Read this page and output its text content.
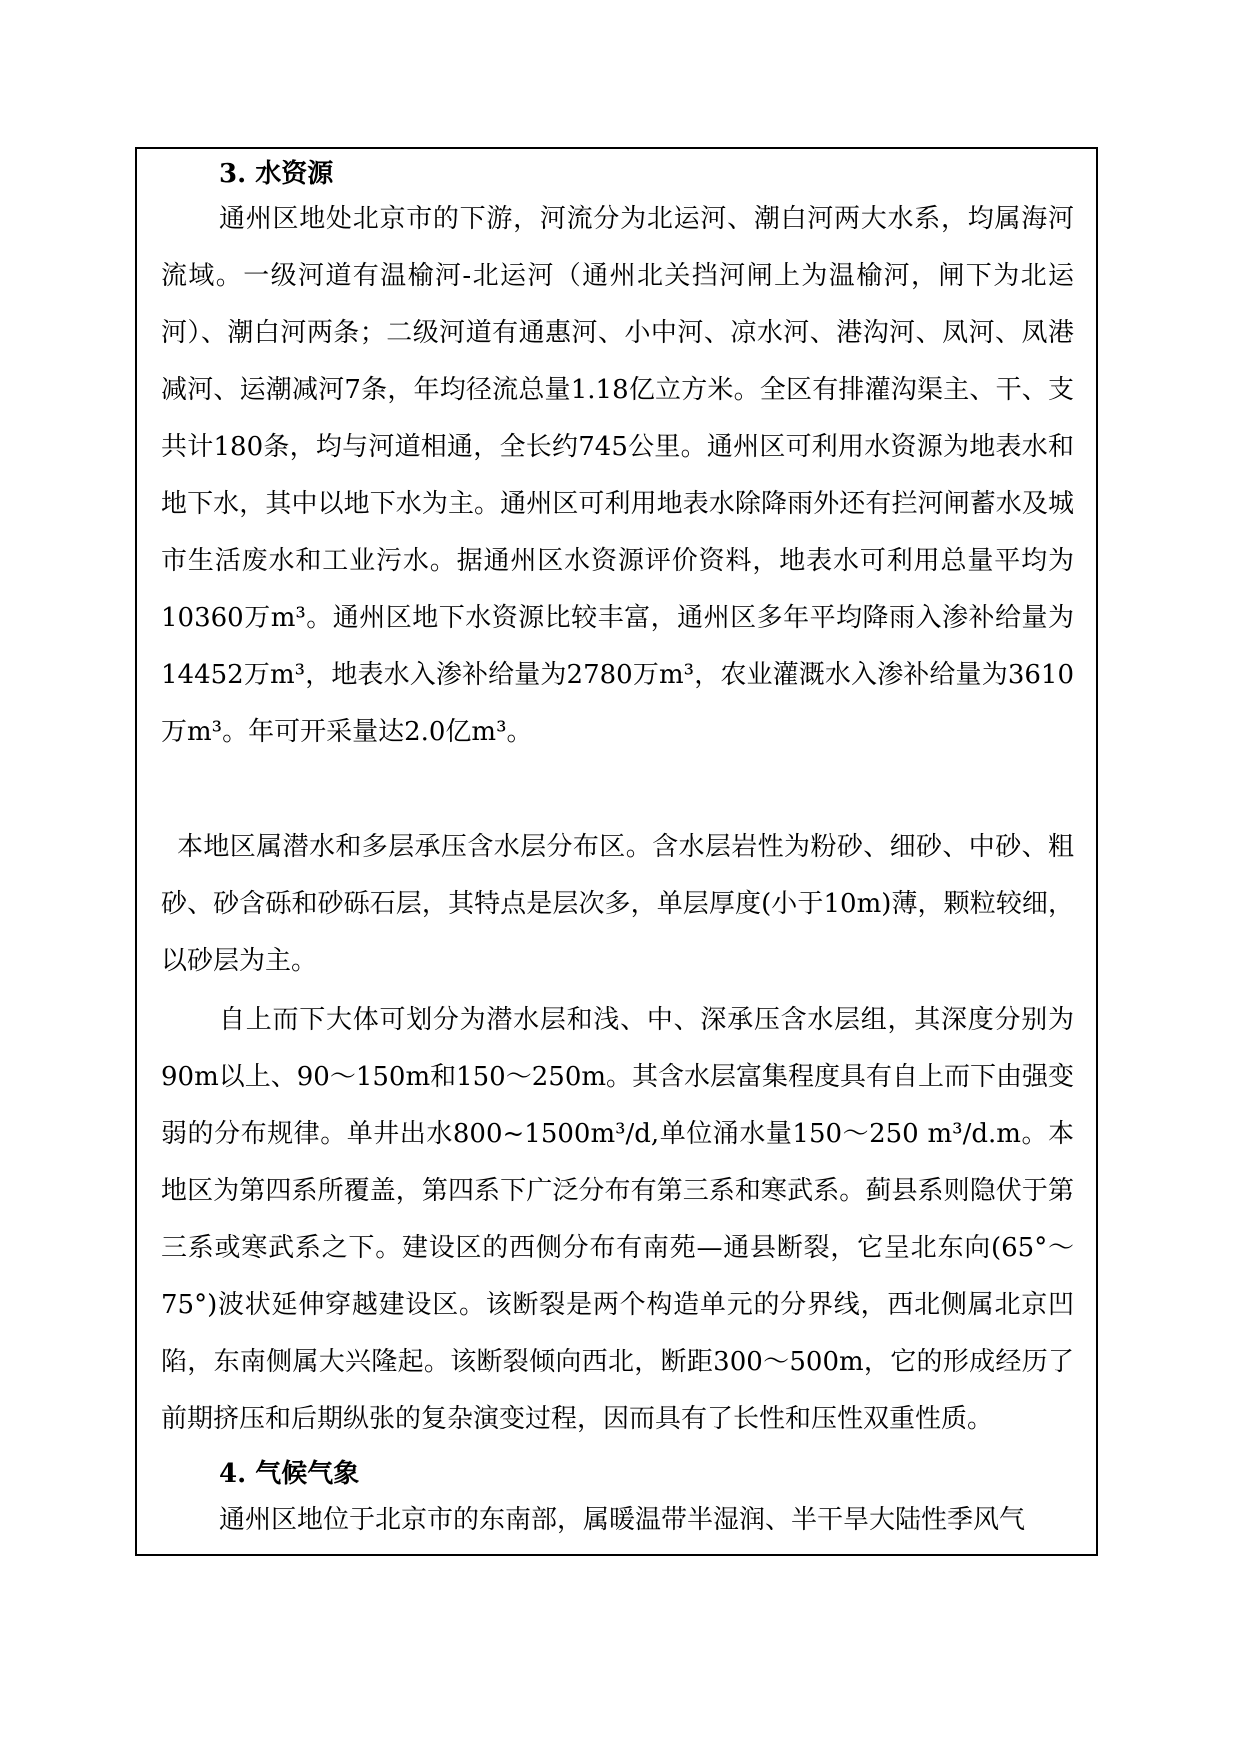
3. 水资源

通州区地处北京市的下游，河流分为北运河、潮白河两大水系，均属海河流域。一级河道有温榆河-北运河（通州北关挡河闸上为温榆河，闸下为北运河）、潮白河两条；二级河道有通惠河、小中河、凉水河、港沟河、凤河、凤港减河、运潮减河7条，年均径流总量1.18亿立方米。全区有排灌沟渠主、干、支共计180条，均与河道相通，全长约745公里。通州区可利用水资源为地表水和地下水，其中以地下水为主。通州区可利用地表水除降雨外还有拦河闸蓄水及城市生活废水和工业污水。据通州区水资源评价资料，地表水可利用总量平均为10360万m³。通州区地下水资源比较丰富，通州区多年平均降雨入渗补给量为14452万m³，地表水入渗补给量为2780万m³，农业灌溉水入渗补给量为3610万m³。年可开采量达2.0亿m³。

本地区属潜水和多层承压含水层分布区。含水层岩性为粉砂、细砂、中砂、粗砂、砂含砾和砂砾石层，其特点是层次多，单层厚度(小于10m)薄，颗粒较细，以砂层为主。

自上而下大体可划分为潜水层和浅、中、深承压含水层组，其深度分别为90m以上、90～150m和150～250m。其含水层富集程度具有自上而下由强变弱的分布规律。单井出水800~1500m³/d,单位涌水量150～250 m³/d.m。本地区为第四系所覆盖，第四系下广泛分布有第三系和寒武系。蓟县系则隐伏于第三系或寒武系之下。建设区的西侧分布有南苑—通县断裂，它呈北东向(65°～75°)波状延伸穿越建设区。该断裂是两个构造单元的分界线，西北侧属北京凹陷，东南侧属大兴隆起。该断裂倾向西北，断距300～500m，它的形成经历了前期挤压和后期纵张的复杂演变过程，因而具有了长性和压性双重性质。

4. 气候气象

通州区地位于北京市的东南部，属暖温带半湿润、半干旱大陆性季风气
